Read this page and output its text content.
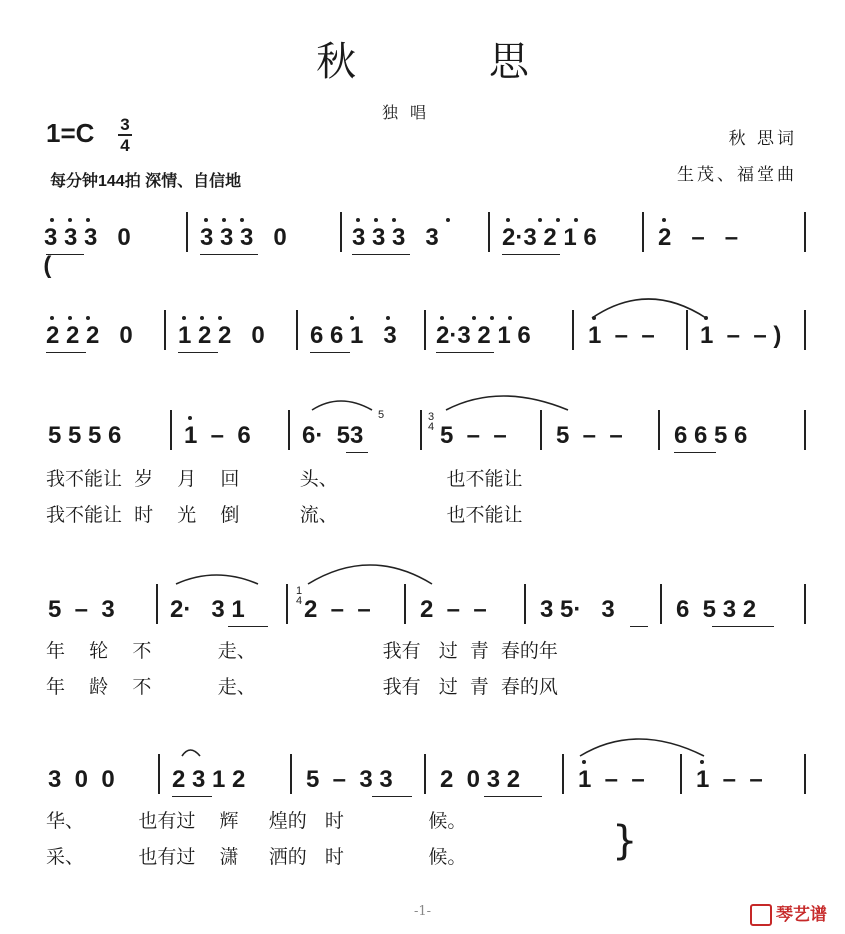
秋 思
独唱
1=C 3
4
每分钟144拍 深情、自信地
秋 思词
生茂、福堂曲

(

3 3 3   0	3 3 3   0	3 3 3   3	2·3 2 1 6	2   –   –
2 2 2   0 1 2 2   0 6 6 1   3 2·3 2 1 6 1  –  – 1  –  – )
5 5 5 6	1  –  6 6·  53	5  –  – 5  –  – 6 6 5 6
我不能让  岁    月    回          头、                  也不能让
我不能让  时    光    倒          流、                  也不能让
5  –  3 2·   3 1 2  –  – 2  –  – 3 5·   3	6  5 3 2
年    轮    不           走、                     我有   过  青  春的年
年    龄    不           走、                     我有   过  青  春的风
3  0  0 2 3 1 2	5  –  3 3 2  0 3 2 1  –  – 1  –  –
华、         也有过    辉     煌的   时              候。
采、         也有过    潇     洒的   时              候。	}
5	3
4
1
4
-1-	琴艺谱
